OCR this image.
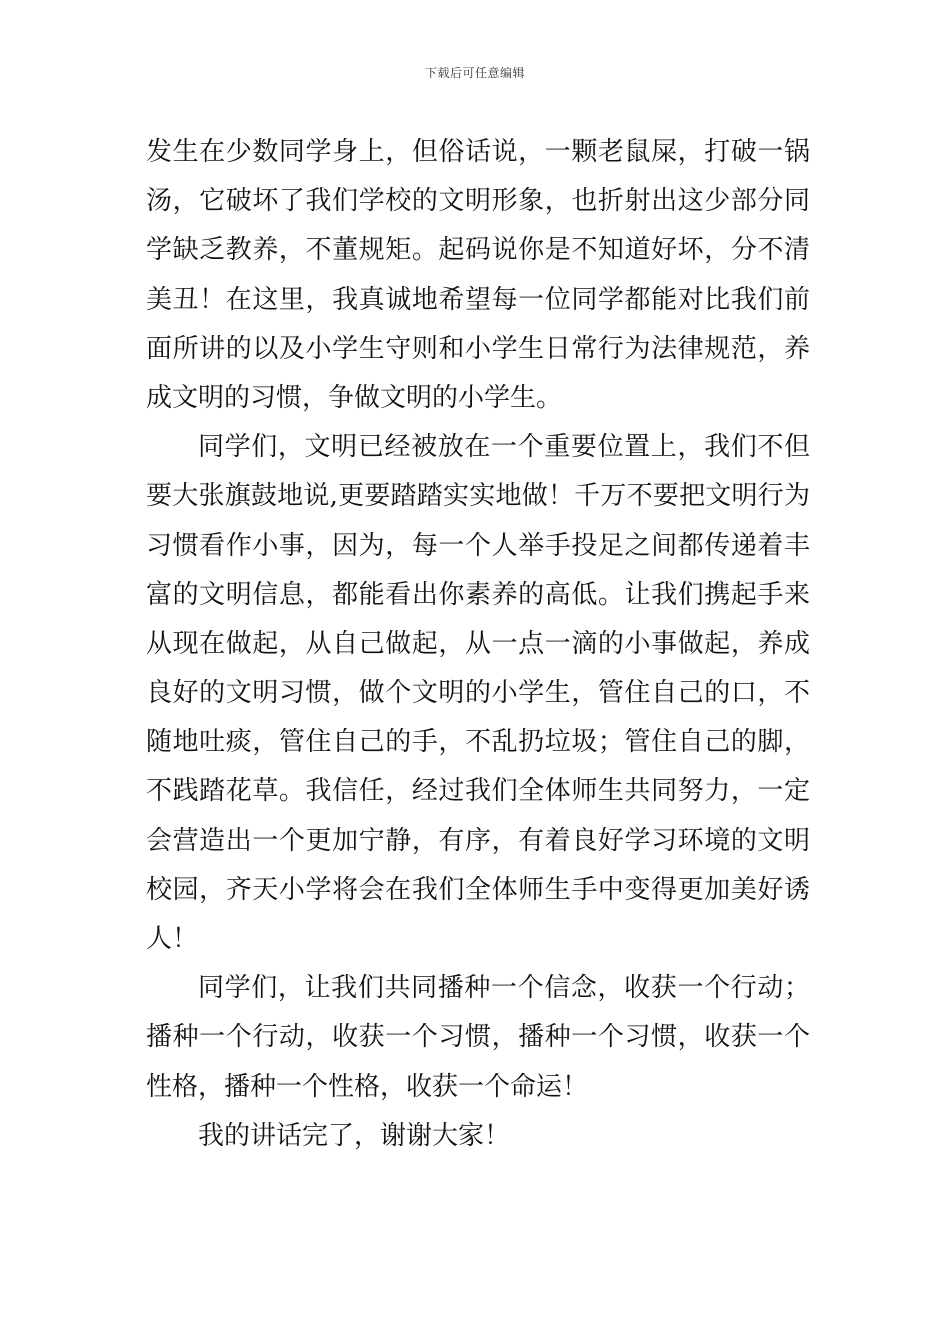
下载后可任意编辑
发生在少数同学身上，但俗话说，一颗老鼠屎，打破一锅
汤，它破坏了我们学校的文明形象，也折射出这少部分同
学缺乏教养，不董规矩。起码说你是不知道好坏，分不清
美丑！在这里，我真诚地希望每一位同学都能对比我们前
面所讲的以及小学生守则和小学生日常行为法律规范，养
成文明的习惯，争做文明的小学生。
同学们，文明已经被放在一个重要位置上，我们不但
要大张旗鼓地说,更要踏踏实实地做！千万不要把文明行为
习惯看作小事，因为，每一个人举手投足之间都传递着丰
富的文明信息，都能看出你素养的高低。让我们携起手来
从现在做起，从自己做起，从一点一滴的小事做起，养成
良好的文明习惯，做个文明的小学生，管住自己的口，不
随地吐痰，管住自己的手，不乱扔垃圾；管住自己的脚，
不践踏花草。我信任，经过我们全体师生共同努力，一定
会营造出一个更加宁静，有序，有着良好学习环境的文明
校园，齐天小学将会在我们全体师生手中变得更加美好诱
人！
同学们，让我们共同播种一个信念，收获一个行动；
播种一个行动，收获一个习惯，播种一个习惯，收获一个
性格，播种一个性格，收获一个命运！
我的讲话完了，谢谢大家！
